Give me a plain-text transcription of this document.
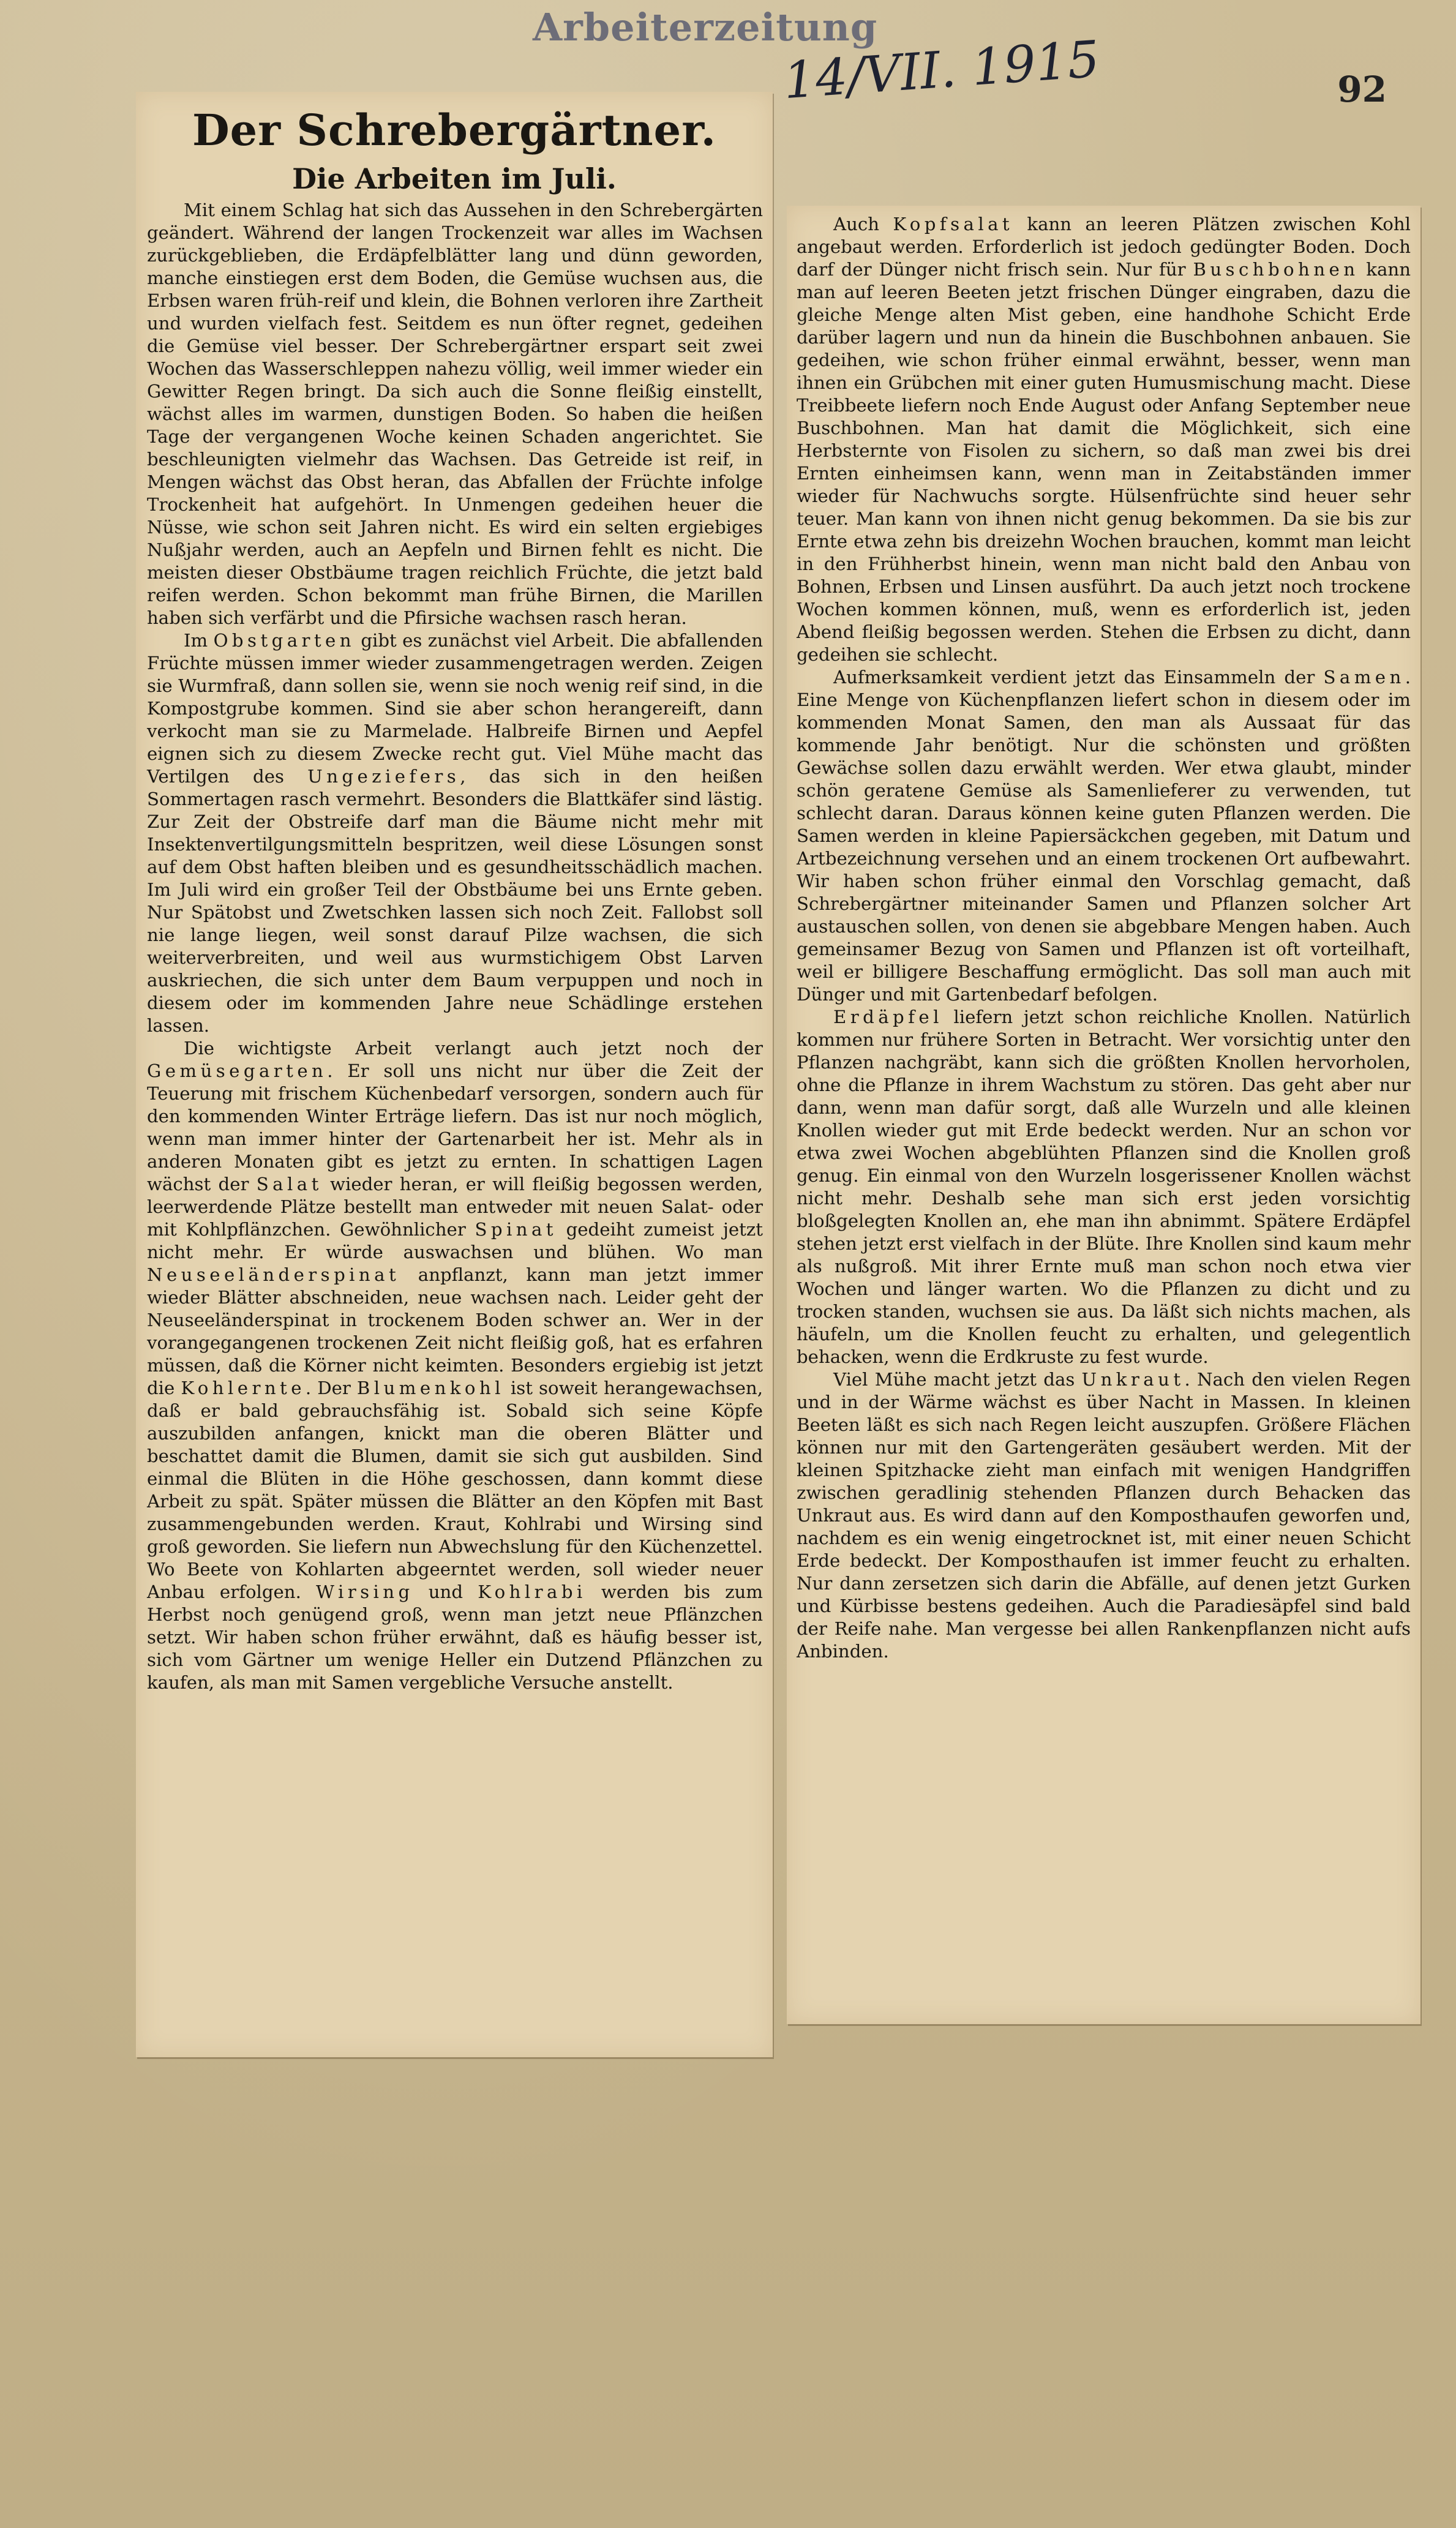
Arbeiterzeitung
14/VII. 1915	92
Der Schrebergärtner.
Die Arbeiten im Juli.

Mit einem Schlag hat sich das Aussehen in den Schrebergärten geändert. Während der langen Trockenzeit war alles im Wachsen zurückgeblieben, die Erdäpfelblätter lang und dünn geworden, manche einstiegen erst dem Boden, die Gemüse wuchsen aus, die Erbsen waren früh-reif und klein, die Bohnen verloren ihre Zartheit und wurden vielfach fest. Seitdem es nun öfter regnet, gedeihen die Gemüse viel besser. Der Schrebergärtner erspart seit zwei Wochen das Wasserschleppen nahezu völlig, weil immer wieder ein Gewitter Regen bringt. Da sich auch die Sonne fleißig einstellt, wächst alles im warmen, dunstigen Boden. So haben die heißen Tage der vergangenen Woche keinen Schaden angerichtet. Sie beschleunigten vielmehr das Wachsen. Das Getreide ist reif, in Mengen wächst das Obst heran, das Abfallen der Früchte infolge Trockenheit hat aufgehört. In Unmengen gedeihen heuer die Nüsse, wie schon seit Jahren nicht. Es wird ein selten ergiebiges Nußjahr werden, auch an Aepfeln und Birnen fehlt es nicht. Die meisten dieser Obstbäume tragen reichlich Früchte, die jetzt bald reifen werden. Schon bekommt man frühe Birnen, die Marillen haben sich verfärbt und die Pfirsiche wachsen rasch heran.

Im Obstgarten gibt es zunächst viel Arbeit. Die abfallenden Früchte müssen immer wieder zusammengetragen werden. Zeigen sie Wurmfraß, dann sollen sie, wenn sie noch wenig reif sind, in die Kompostgrube kommen. Sind sie aber schon herangereift, dann verkocht man sie zu Marmelade. Halbreife Birnen und Aepfel eignen sich zu diesem Zwecke recht gut. Viel Mühe macht das Vertilgen des Ungeziefers, das sich in den heißen Sommertagen rasch vermehrt. Besonders die Blattkäfer sind lästig. Zur Zeit der Obstreife darf man die Bäume nicht mehr mit Insektenvertilgungsmitteln bespritzen, weil diese Lösungen sonst auf dem Obst haften bleiben und es gesundheitsschädlich machen. Im Juli wird ein großer Teil der Obstbäume bei uns Ernte geben. Nur Spätobst und Zwetschken lassen sich noch Zeit. Fallobst soll nie lange liegen, weil sonst darauf Pilze wachsen, die sich weiterverbreiten, und weil aus wurmstichigem Obst Larven auskriechen, die sich unter dem Baum verpuppen und noch in diesem oder im kommenden Jahre neue Schädlinge erstehen lassen.

Die wichtigste Arbeit verlangt auch jetzt noch der Gemüsegarten. Er soll uns nicht nur über die Zeit der Teuerung mit frischem Küchenbedarf versorgen, sondern auch für den kommenden Winter Erträge liefern. Das ist nur noch möglich, wenn man immer hinter der Gartenarbeit her ist. Mehr als in anderen Monaten gibt es jetzt zu ernten. In schattigen Lagen wächst der Salat wieder heran, er will fleißig begossen werden, leerwerdende Plätze bestellt man entweder mit neuen Salat- oder mit Kohlpflänzchen. Gewöhnlicher Spinat gedeiht zumeist jetzt nicht mehr. Er würde auswachsen und blühen. Wo man Neuseeländerspinat anpflanzt, kann man jetzt immer wieder Blätter abschneiden, neue wachsen nach. Leider geht der Neuseeländerspinat in trockenem Boden schwer an. Wer in der vorangegangenen trockenen Zeit nicht fleißig goß, hat es erfahren müssen, daß die Körner nicht keimten. Besonders ergiebig ist jetzt die Kohlernte. Der Blumenkohl ist soweit herangewachsen, daß er bald gebrauchsfähig ist. Sobald sich seine Köpfe auszubilden anfangen, knickt man die oberen Blätter und beschattet damit die Blumen, damit sie sich gut ausbilden. Sind einmal die Blüten in die Höhe geschossen, dann kommt diese Arbeit zu spät. Später müssen die Blätter an den Köpfen mit Bast zusammengebunden werden. Kraut, Kohlrabi und Wirsing sind groß geworden. Sie liefern nun Abwechslung für den Küchenzettel. Wo Beete von Kohlarten abgeerntet werden, soll wieder neuer Anbau erfolgen. Wirsing und Kohlrabi werden bis zum Herbst noch genügend groß, wenn man jetzt neue Pflänzchen setzt. Wir haben schon früher erwähnt, daß es häufig besser ist, sich vom Gärtner um wenige Heller ein Dutzend Pflänzchen zu kaufen, als man mit Samen vergebliche Versuche anstellt.

Auch Kopfsalat kann an leeren Plätzen zwischen Kohl angebaut werden. Erforderlich ist jedoch gedüngter Boden. Doch darf der Dünger nicht frisch sein. Nur für Buschbohnen kann man auf leeren Beeten jetzt frischen Dünger eingraben, dazu die gleiche Menge alten Mist geben, eine handhohe Schicht Erde darüber lagern und nun da hinein die Buschbohnen anbauen. Sie gedeihen, wie schon früher einmal erwähnt, besser, wenn man ihnen ein Grübchen mit einer guten Humusmischung macht. Diese Treibbeete liefern noch Ende August oder Anfang September neue Buschbohnen. Man hat damit die Möglichkeit, sich eine Herbsternte von Fisolen zu sichern, so daß man zwei bis drei Ernten einheimsen kann, wenn man in Zeitabständen immer wieder für Nachwuchs sorgte. Hülsenfrüchte sind heuer sehr teuer. Man kann von ihnen nicht genug bekommen. Da sie bis zur Ernte etwa zehn bis dreizehn Wochen brauchen, kommt man leicht in den Frühherbst hinein, wenn man nicht bald den Anbau von Bohnen, Erbsen und Linsen ausführt. Da auch jetzt noch trockene Wochen kommen können, muß, wenn es erforderlich ist, jeden Abend fleißig begossen werden. Stehen die Erbsen zu dicht, dann gedeihen sie schlecht.

Aufmerksamkeit verdient jetzt das Einsammeln der Samen. Eine Menge von Küchenpflanzen liefert schon in diesem oder im kommenden Monat Samen, den man als Aussaat für das kommende Jahr benötigt. Nur die schönsten und größten Gewächse sollen dazu erwählt werden. Wer etwa glaubt, minder schön geratene Gemüse als Samenlieferer zu verwenden, tut schlecht daran. Daraus können keine guten Pflanzen werden. Die Samen werden in kleine Papiersäckchen gegeben, mit Datum und Artbezeichnung versehen und an einem trockenen Ort aufbewahrt. Wir haben schon früher einmal den Vorschlag gemacht, daß Schrebergärtner miteinander Samen und Pflanzen solcher Art austauschen sollen, von denen sie abgebbare Mengen haben. Auch gemeinsamer Bezug von Samen und Pflanzen ist oft vorteilhaft, weil er billigere Beschaffung ermöglicht. Das soll man auch mit Dünger und mit Gartenbedarf befolgen.

Erdäpfel liefern jetzt schon reichliche Knollen. Natürlich kommen nur frühere Sorten in Betracht. Wer vorsichtig unter den Pflanzen nachgräbt, kann sich die größten Knollen hervorholen, ohne die Pflanze in ihrem Wachstum zu stören. Das geht aber nur dann, wenn man dafür sorgt, daß alle Wurzeln und alle kleinen Knollen wieder gut mit Erde bedeckt werden. Nur an schon vor etwa zwei Wochen abgeblühten Pflanzen sind die Knollen groß genug. Ein einmal von den Wurzeln losgerissener Knollen wächst nicht mehr. Deshalb sehe man sich erst jeden vorsichtig bloßgelegten Knollen an, ehe man ihn abnimmt. Spätere Erdäpfel stehen jetzt erst vielfach in der Blüte. Ihre Knollen sind kaum mehr als nußgroß. Mit ihrer Ernte muß man schon noch etwa vier Wochen und länger warten. Wo die Pflanzen zu dicht und zu trocken standen, wuchsen sie aus. Da läßt sich nichts machen, als häufeln, um die Knollen feucht zu erhalten, und gelegentlich behacken, wenn die Erdkruste zu fest wurde.

Viel Mühe macht jetzt das Unkraut. Nach den vielen Regen und in der Wärme wächst es über Nacht in Massen. In kleinen Beeten läßt es sich nach Regen leicht auszupfen. Größere Flächen können nur mit den Gartengeräten gesäubert werden. Mit der kleinen Spitzhacke zieht man einfach mit wenigen Handgriffen zwischen geradlinig stehenden Pflanzen durch Behacken das Unkraut aus. Es wird dann auf den Komposthaufen geworfen und, nachdem es ein wenig eingetrocknet ist, mit einer neuen Schicht Erde bedeckt. Der Komposthaufen ist immer feucht zu erhalten. Nur dann zersetzen sich darin die Abfälle, auf denen jetzt Gurken und Kürbisse bestens gedeihen. Auch die Paradiesäpfel sind bald der Reife nahe. Man vergesse bei allen Rankenpflanzen nicht aufs Anbinden.
